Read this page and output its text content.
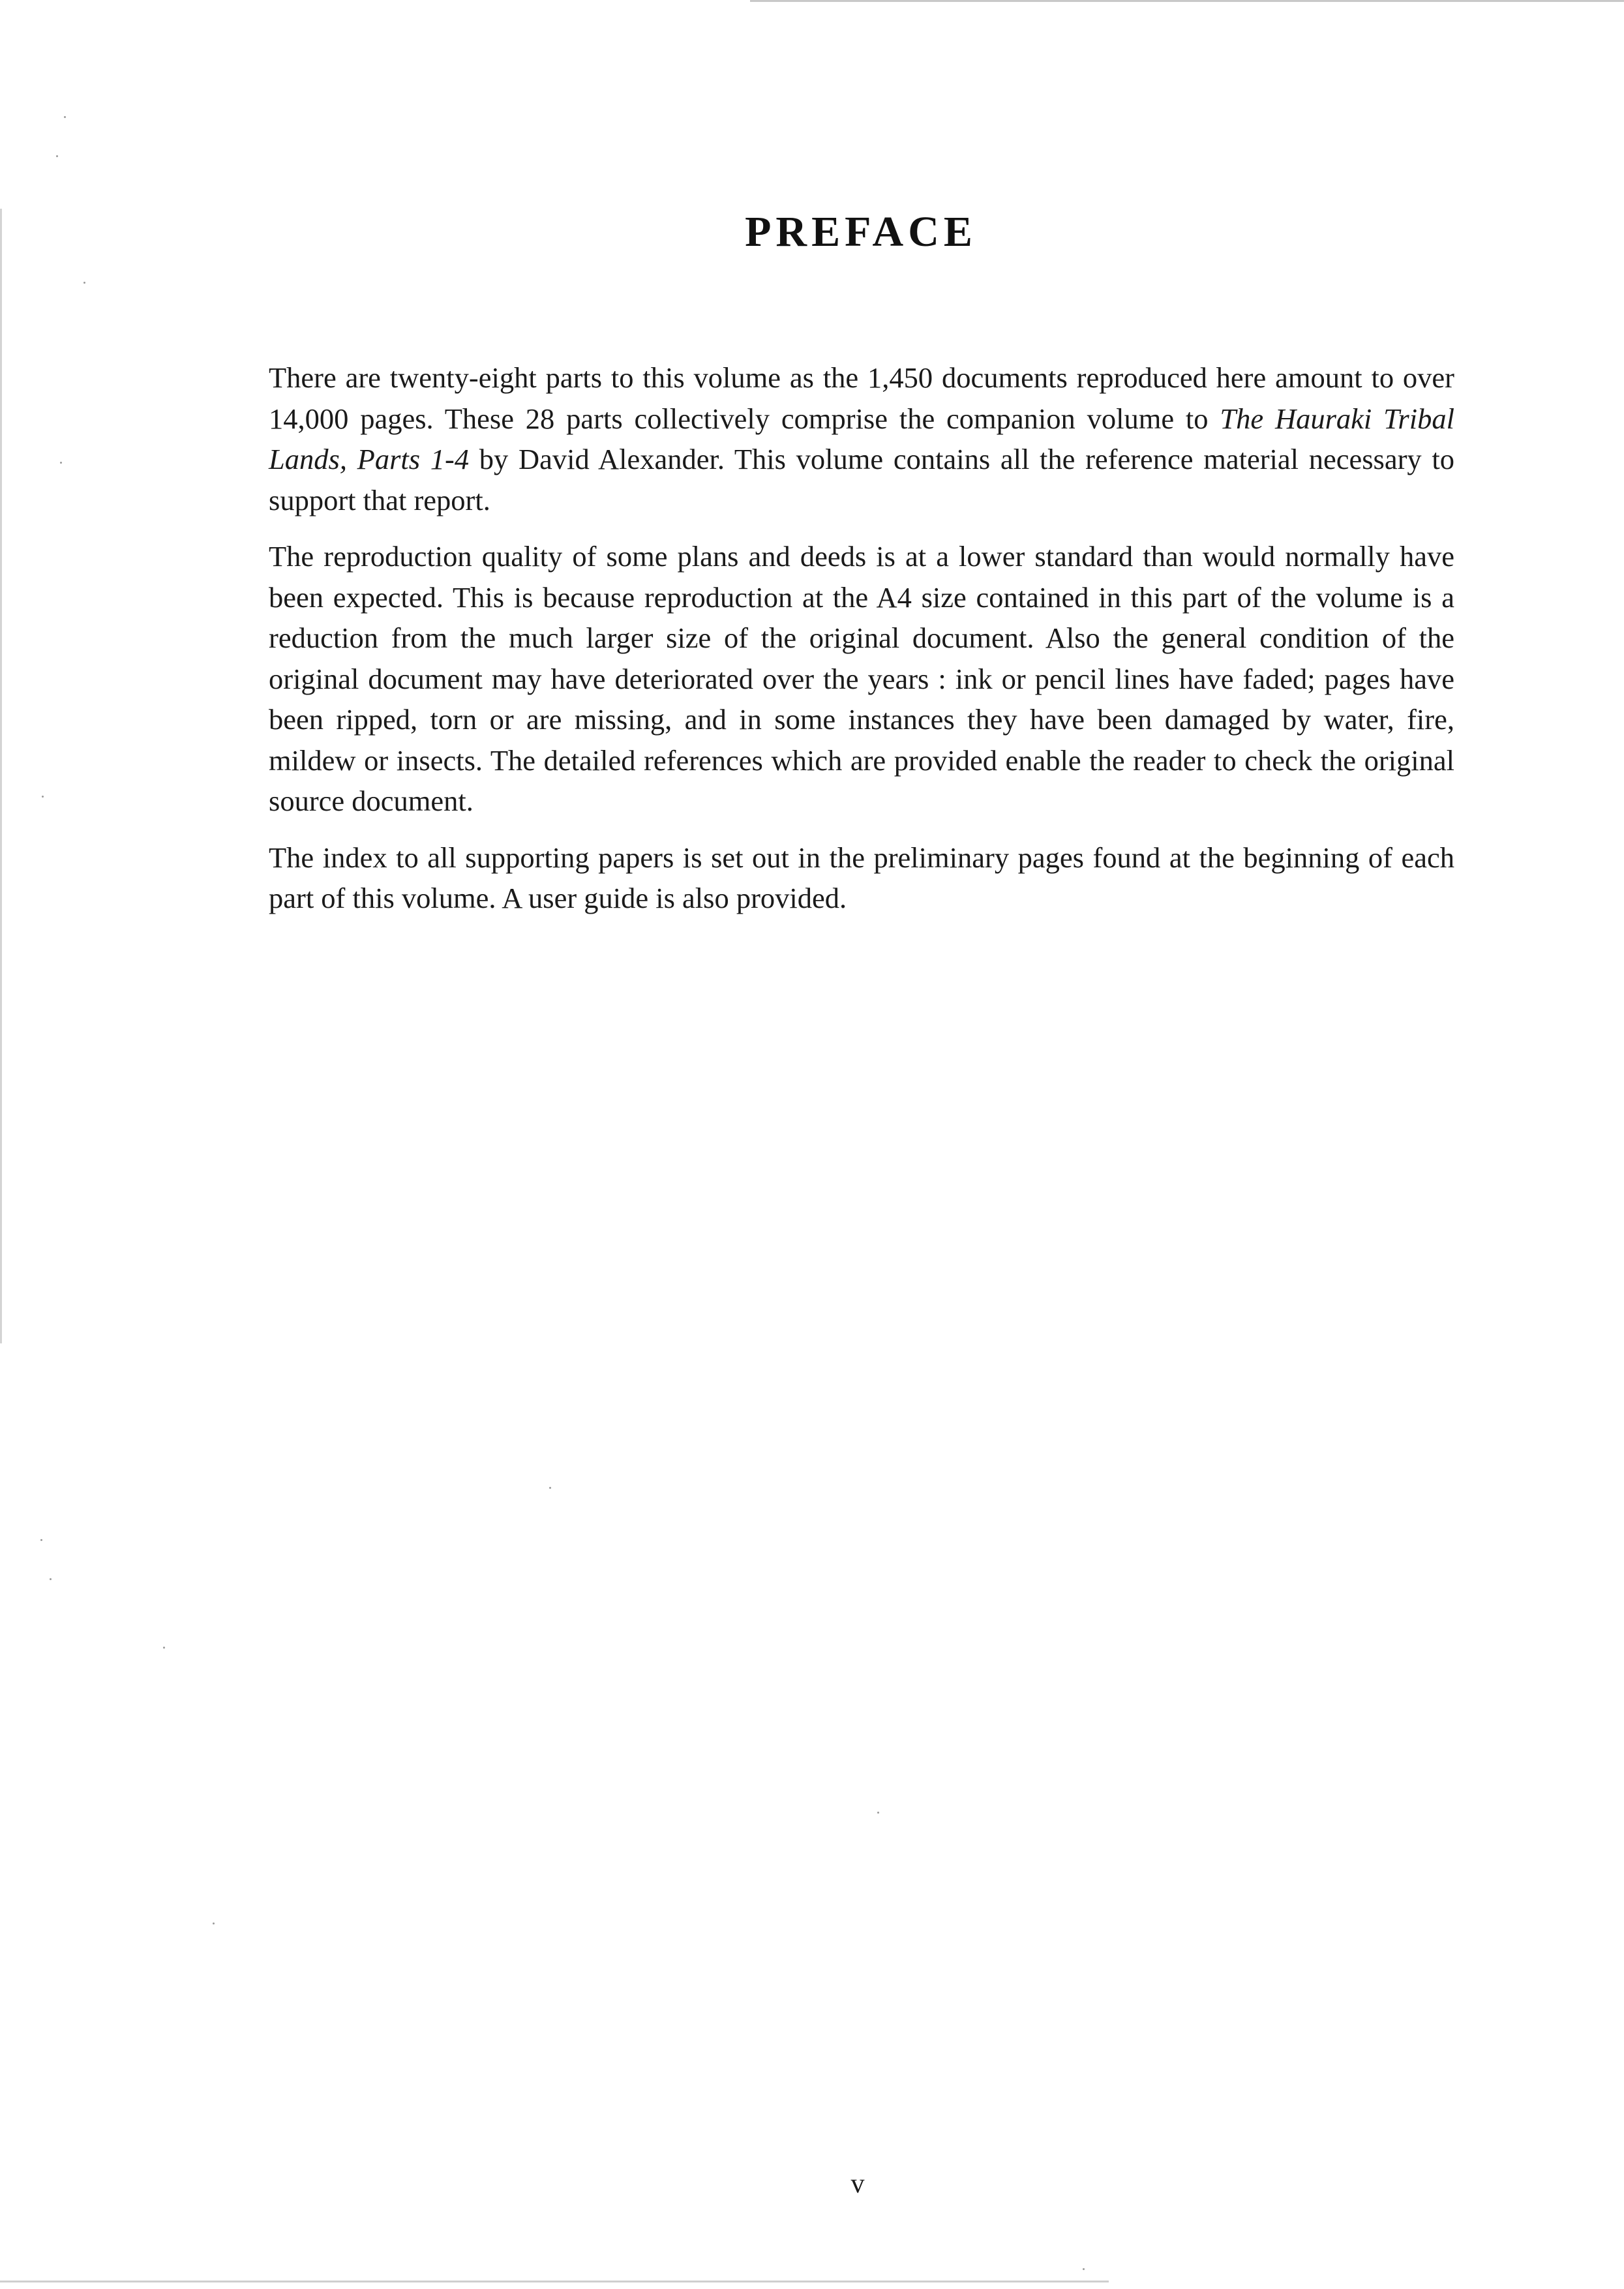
PREFACE

There are twenty-eight parts to this volume as the 1,450 documents reproduced here amount to over 14,000 pages. These 28 parts collectively comprise the companion volume to The Hauraki Tribal Lands, Parts 1-4 by David Alexander. This volume contains all the reference material necessary to support that report.

The reproduction quality of some plans and deeds is at a lower standard than would normally have been expected. This is because reproduction at the A4 size contained in this part of the volume is a reduction from the much larger size of the original document. Also the general condition of the original document may have deteriorated over the years : ink or pencil lines have faded; pages have been ripped, torn or are missing, and in some instances they have been damaged by water, fire, mildew or insects. The detailed references which are provided enable the reader to check the original source document.

The index to all supporting papers is set out in the preliminary pages found at the beginning of each part of this volume. A user guide is also provided.

v
